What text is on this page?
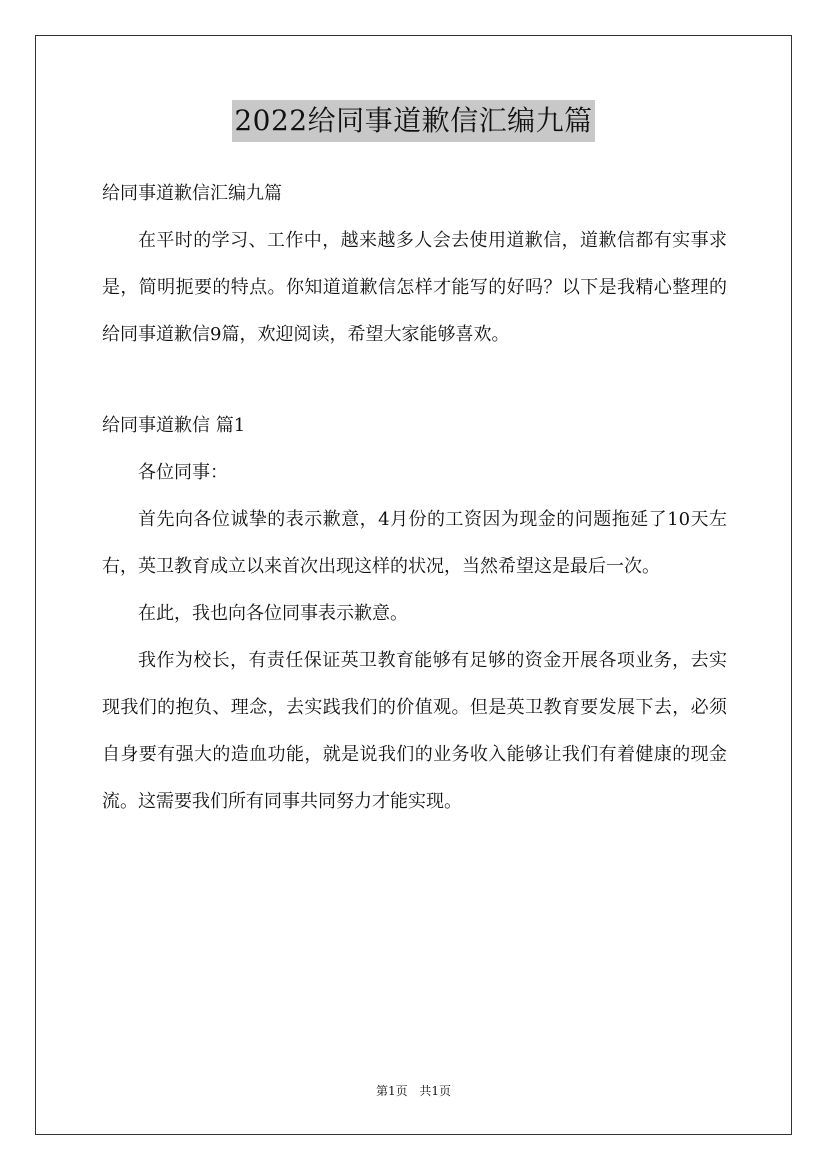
2022给同事道歉信汇编九篇

给同事道歉信汇编九篇

在平时的学习、工作中，越来越多人会去使用道歉信，道歉信都有实事求是，简明扼要的特点。你知道道歉信怎样才能写的好吗？以下是我精心整理的给同事道歉信9篇，欢迎阅读，希望大家能够喜欢。

给同事道歉信 篇1

各位同事：

首先向各位诚挚的表示歉意，4月份的工资因为现金的问题拖延了10天左右，英卫教育成立以来首次出现这样的状况，当然希望这是最后一次。

在此，我也向各位同事表示歉意。

我作为校长，有责任保证英卫教育能够有足够的资金开展各项业务，去实现我们的抱负、理念，去实践我们的价值观。但是英卫教育要发展下去，必须自身要有强大的造血功能，就是说我们的业务收入能够让我们有着健康的现金流。这需要我们所有同事共同努力才能实现。

第1页 共1页
